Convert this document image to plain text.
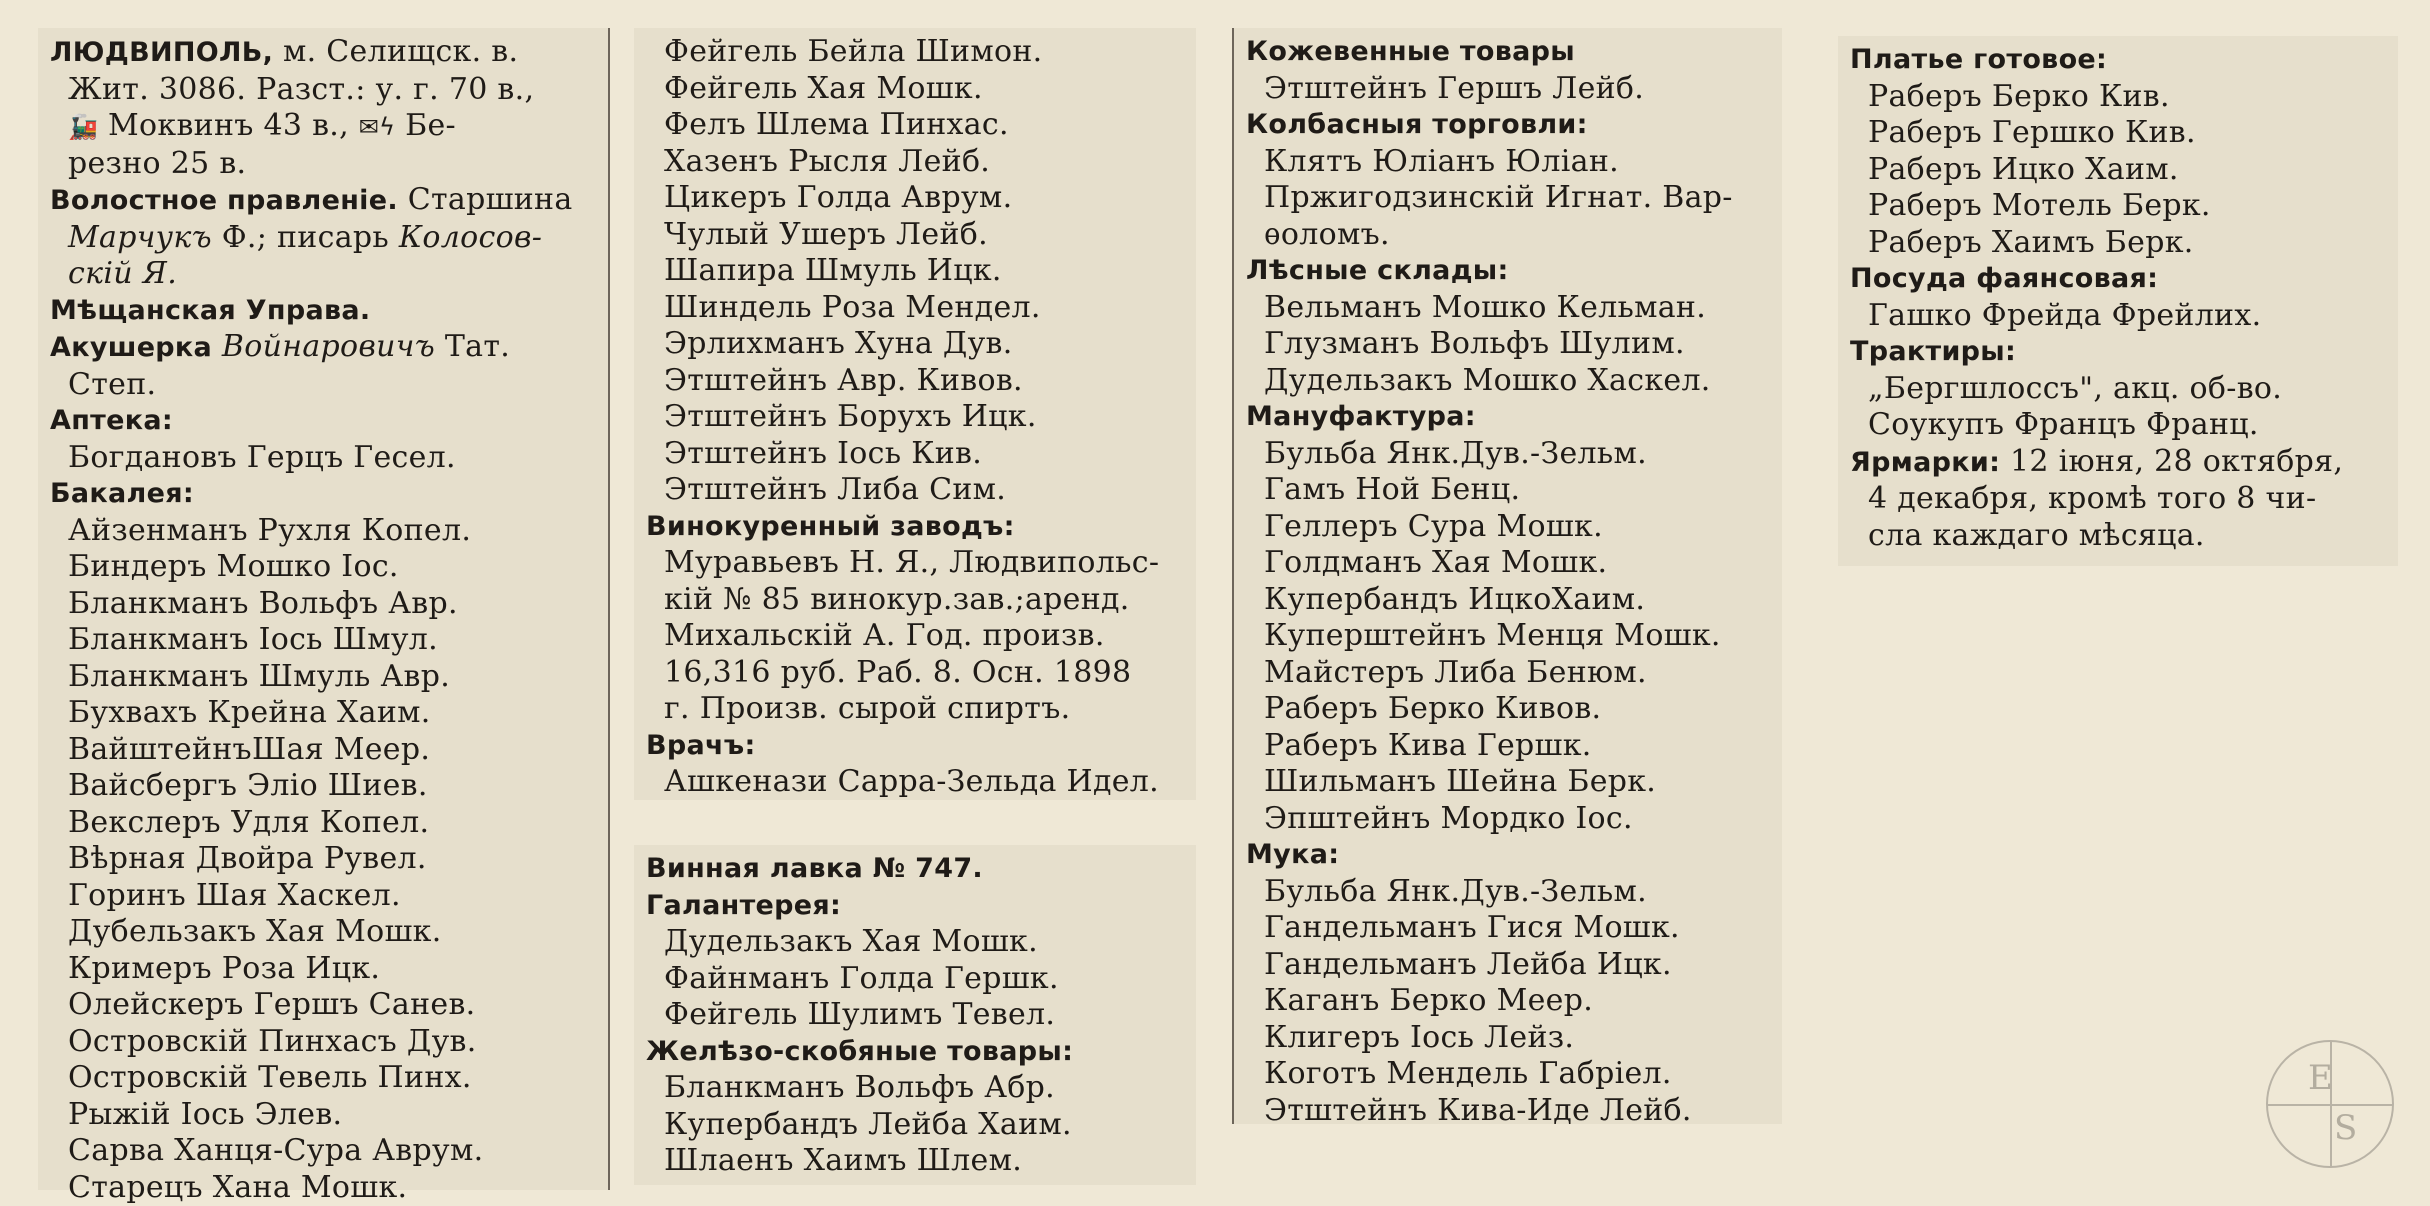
ЛЮДВИПОЛЬ, м. Селищск. в.
Жит. 3086. Разст.: у. г. 70 в.,
🚂 Моквинъ 43 в., ✉ϟ Бе-
резно 25 в.
Волостное правленіе. Старшина
Марчукъ Ф.; писарь Колосов-
скій Я.
Мѣщанская Управа.
Акушерка Войнаровичъ Тат.
Степ.
Аптека:
Богдановъ Герцъ Гесел.
Бакалея:
Айзенманъ Рухля Копел.
Биндеръ Мошко Іос.
Бланкманъ Вольфъ Авр.
Бланкманъ Іось Шмул.
Бланкманъ Шмуль Авр.
Бухвахъ Крейна Хаим.
ВайштейнъШая Меер.
Вайсбергъ Эліо Шиев.
Векслеръ Удля Копел.
Вѣрная Двойра Рувел.
Горинъ Шая Хаскел.
Дубельзакъ Хая Мошк.
Кримеръ Роза Ицк.
Олейскеръ Гершъ Санев.
Островскій Пинхасъ Дув.
Островскій Тевель Пинх.
Рыжій Іось Элев.
Сарва Ханця-Сура Аврум.
Старецъ Хана Мошк.
Фейгель Бейла Шимон.
Фейгель Хая Мошк.
Фелъ Шлема Пинхас.
Хазенъ Рысля Лейб.
Цикеръ Голда Аврум.
Чулый Ушеръ Лейб.
Шапира Шмуль Ицк.
Шиндель Роза Мендел.
Эрлихманъ Хуна Дув.
Этштейнъ Авр. Кивов.
Этштейнъ Борухъ Ицк.
Этштейнъ Іось Кив.
Этштейнъ Либа Сим.
Винокуренный заводъ:
Муравьевъ Н. Я., Людвипольс-
кій № 85 винокур.зав.;аренд.
Михальскій А. Год. произв.
16,316 руб. Раб. 8. Осн. 1898
г. Произв. сырой спиртъ.
Врачъ:
Ашкенази Сарра-Зельда Идел.
Винная лавка № 747.
Галантерея:
Дудельзакъ Хая Мошк.
Файнманъ Голда Гершк.
Фейгель Шулимъ Тевел.
Желѣзо-скобяные товары:
Бланкманъ Вольфъ Абр.
Купербандъ Лейба Хаим.
Шлаенъ Хаимъ Шлем.
Кожевенные товары
Этштейнъ Гершъ Лейб.
Колбасныя торговли:
Клятъ Юліанъ Юліан.
Пржигодзинскій Игнат. Вар-
ѳоломъ.
Лѣсные склады:
Вельманъ Мошко Кельман.
Глузманъ Вольфъ Шулим.
Дудельзакъ Мошко Хаскел.
Мануфактура:
Бульба Янк.Дув.-Зельм.
Гамъ Ной Бенц.
Геллеръ Сура Мошк.
Голдманъ Хая Мошк.
Купербандъ ИцкоХаим.
Куперштейнъ Менця Мошк.
Майстеръ Либа Бенюм.
Раберъ Берко Кивов.
Раберъ Кива Гершк.
Шильманъ Шейна Берк.
Эпштейнъ Мордко Іос.
Мука:
Бульба Янк.Дув.-Зельм.
Гандельманъ Гися Мошк.
Гандельманъ Лейба Ицк.
Каганъ Берко Меер.
Клигеръ Іось Лейз.
Коготъ Мендель Габріел.
Этштейнъ Кива-Иде Лейб.
Платье готовое:
Раберъ Берко Кив.
Раберъ Гершко Кив.
Раберъ Ицко Хаим.
Раберъ Мотель Берк.
Раберъ Хаимъ Берк.
Посуда фаянсовая:
Гашко Фрейда Фрейлих.
Трактиры:
„Бергшлоссъ", акц. об-во.
Соукупъ Францъ Франц.
Ярмарки: 12 іюня, 28 октября,
4 декабря, кромѣ того 8 чи-
сла каждаго мѣсяца.
E
S
